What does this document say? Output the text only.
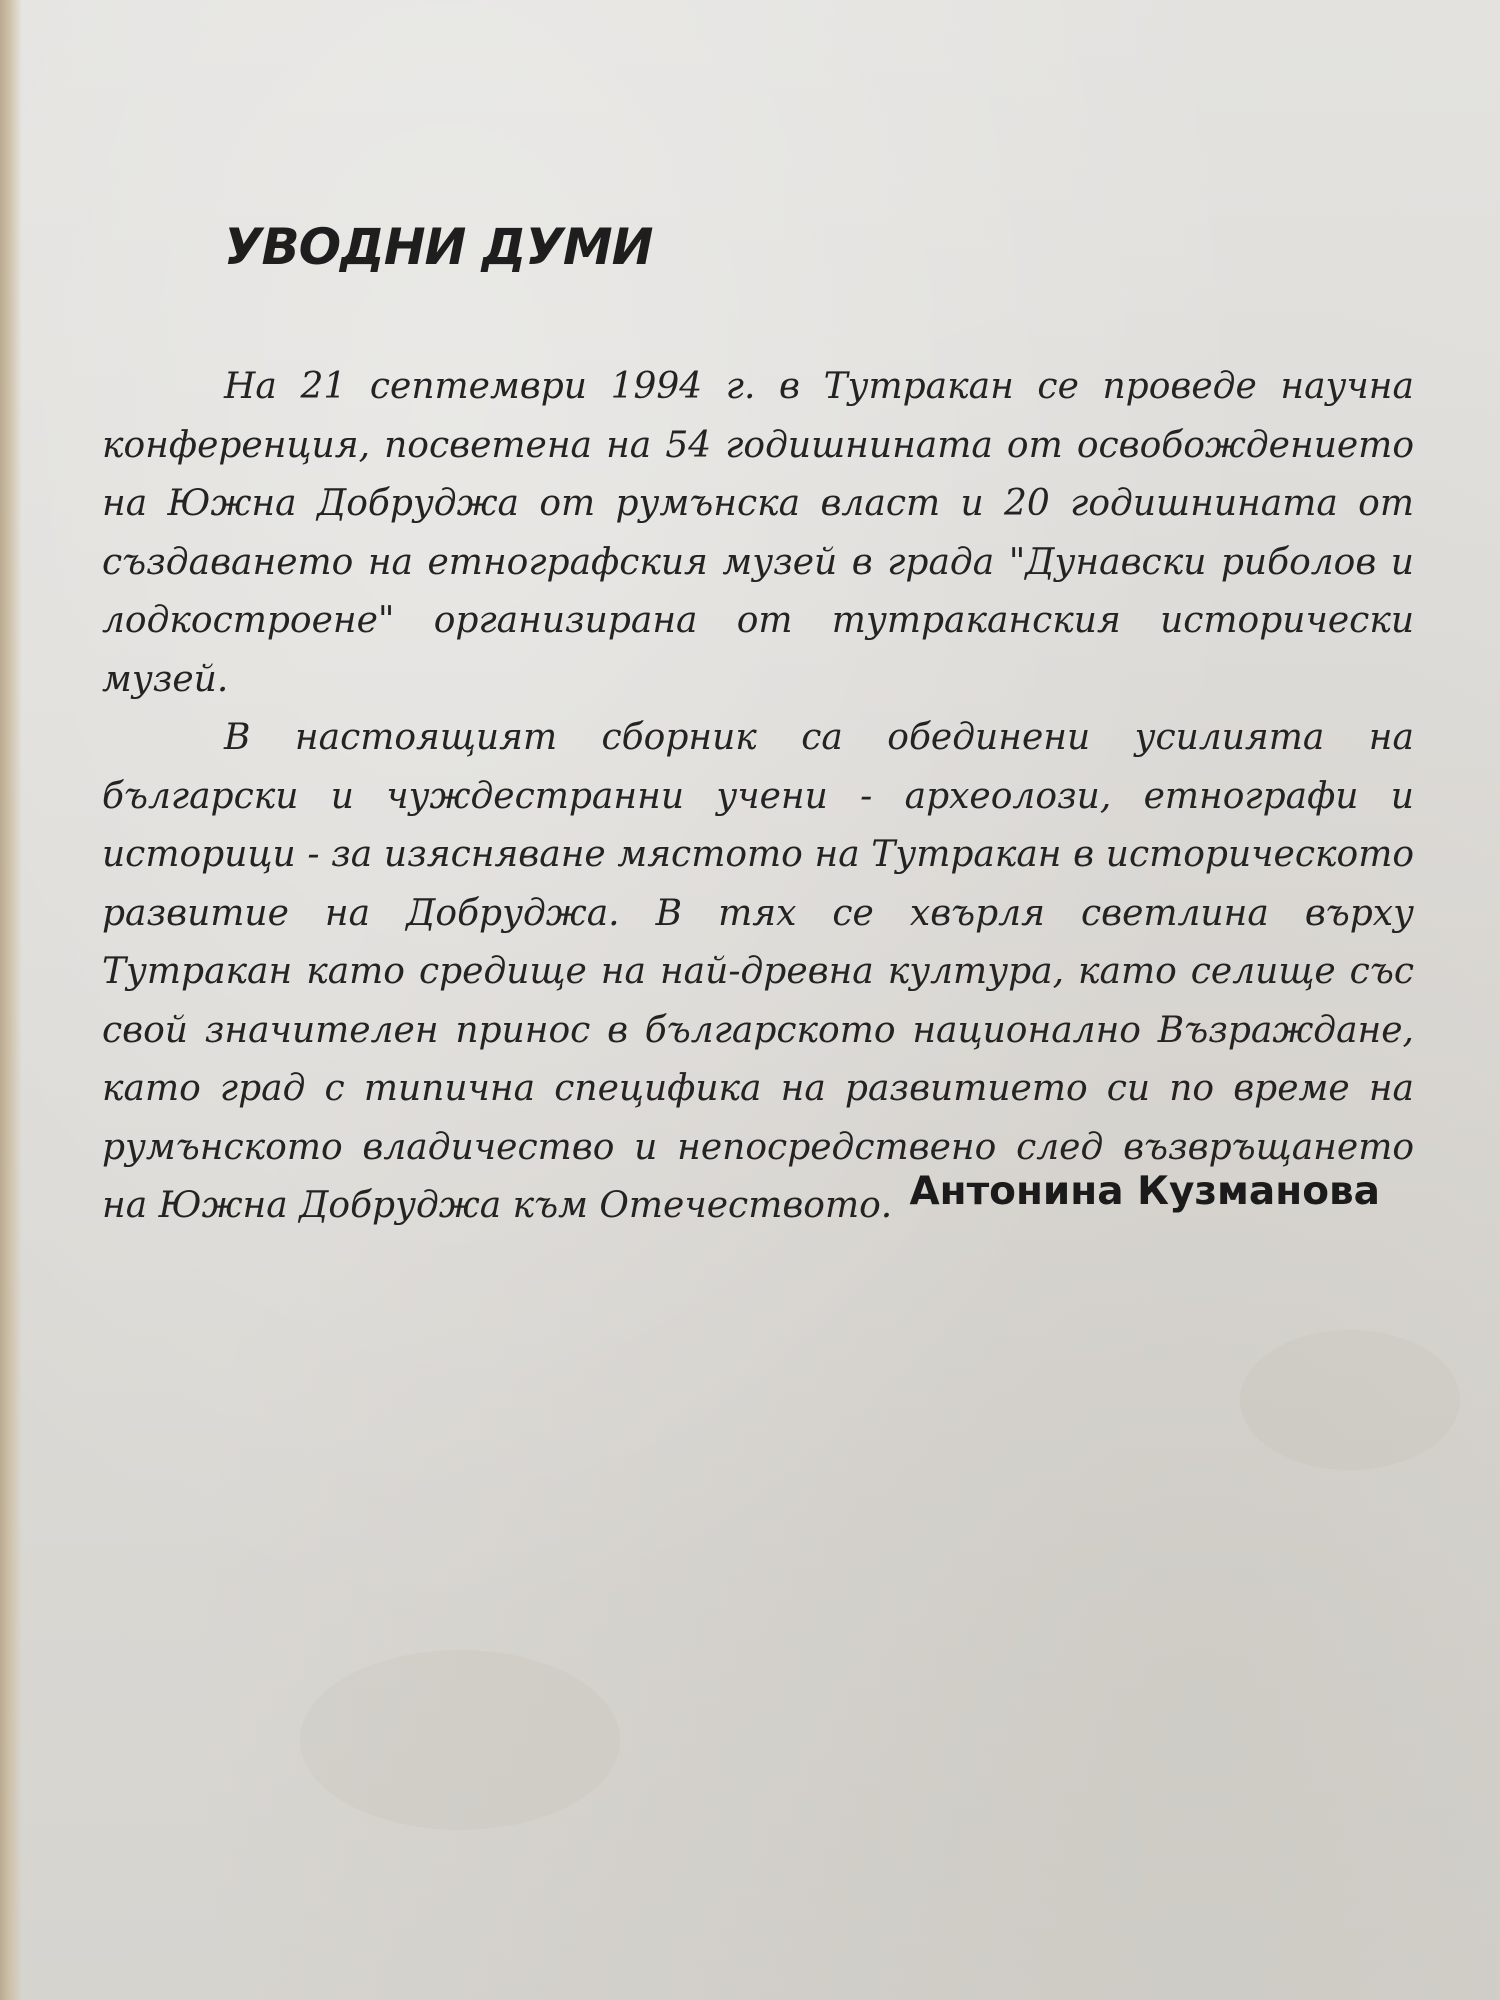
УВОДНИ ДУМИ

На 21 септември 1994 г. в Тутракан се проведе научна конференция, посветена на 54 годишнината от освобождението на Южна Добруджа от румънска власт и 20 годишнината от създаването на етнографския музей в града "Дунавски риболов и лодкостроене" организирана от тутраканския исторически музей.

В настоящият сборник са обединени усилията на български и чуждестранни учени - археолози, етнографи и историци - за изясняване мястото на Тутракан в историческото развитие на Добруджа. В тях се хвърля светлина върху Тутракан като средище на най-древна култура, като селище със свой значителен принос в българското национално Възраждане, като град с типична специфика на развитието си по време на румънското владичество и непосредствено след възвръщането на Южна Добруджа към Отечеството. Антонина Кузманова
